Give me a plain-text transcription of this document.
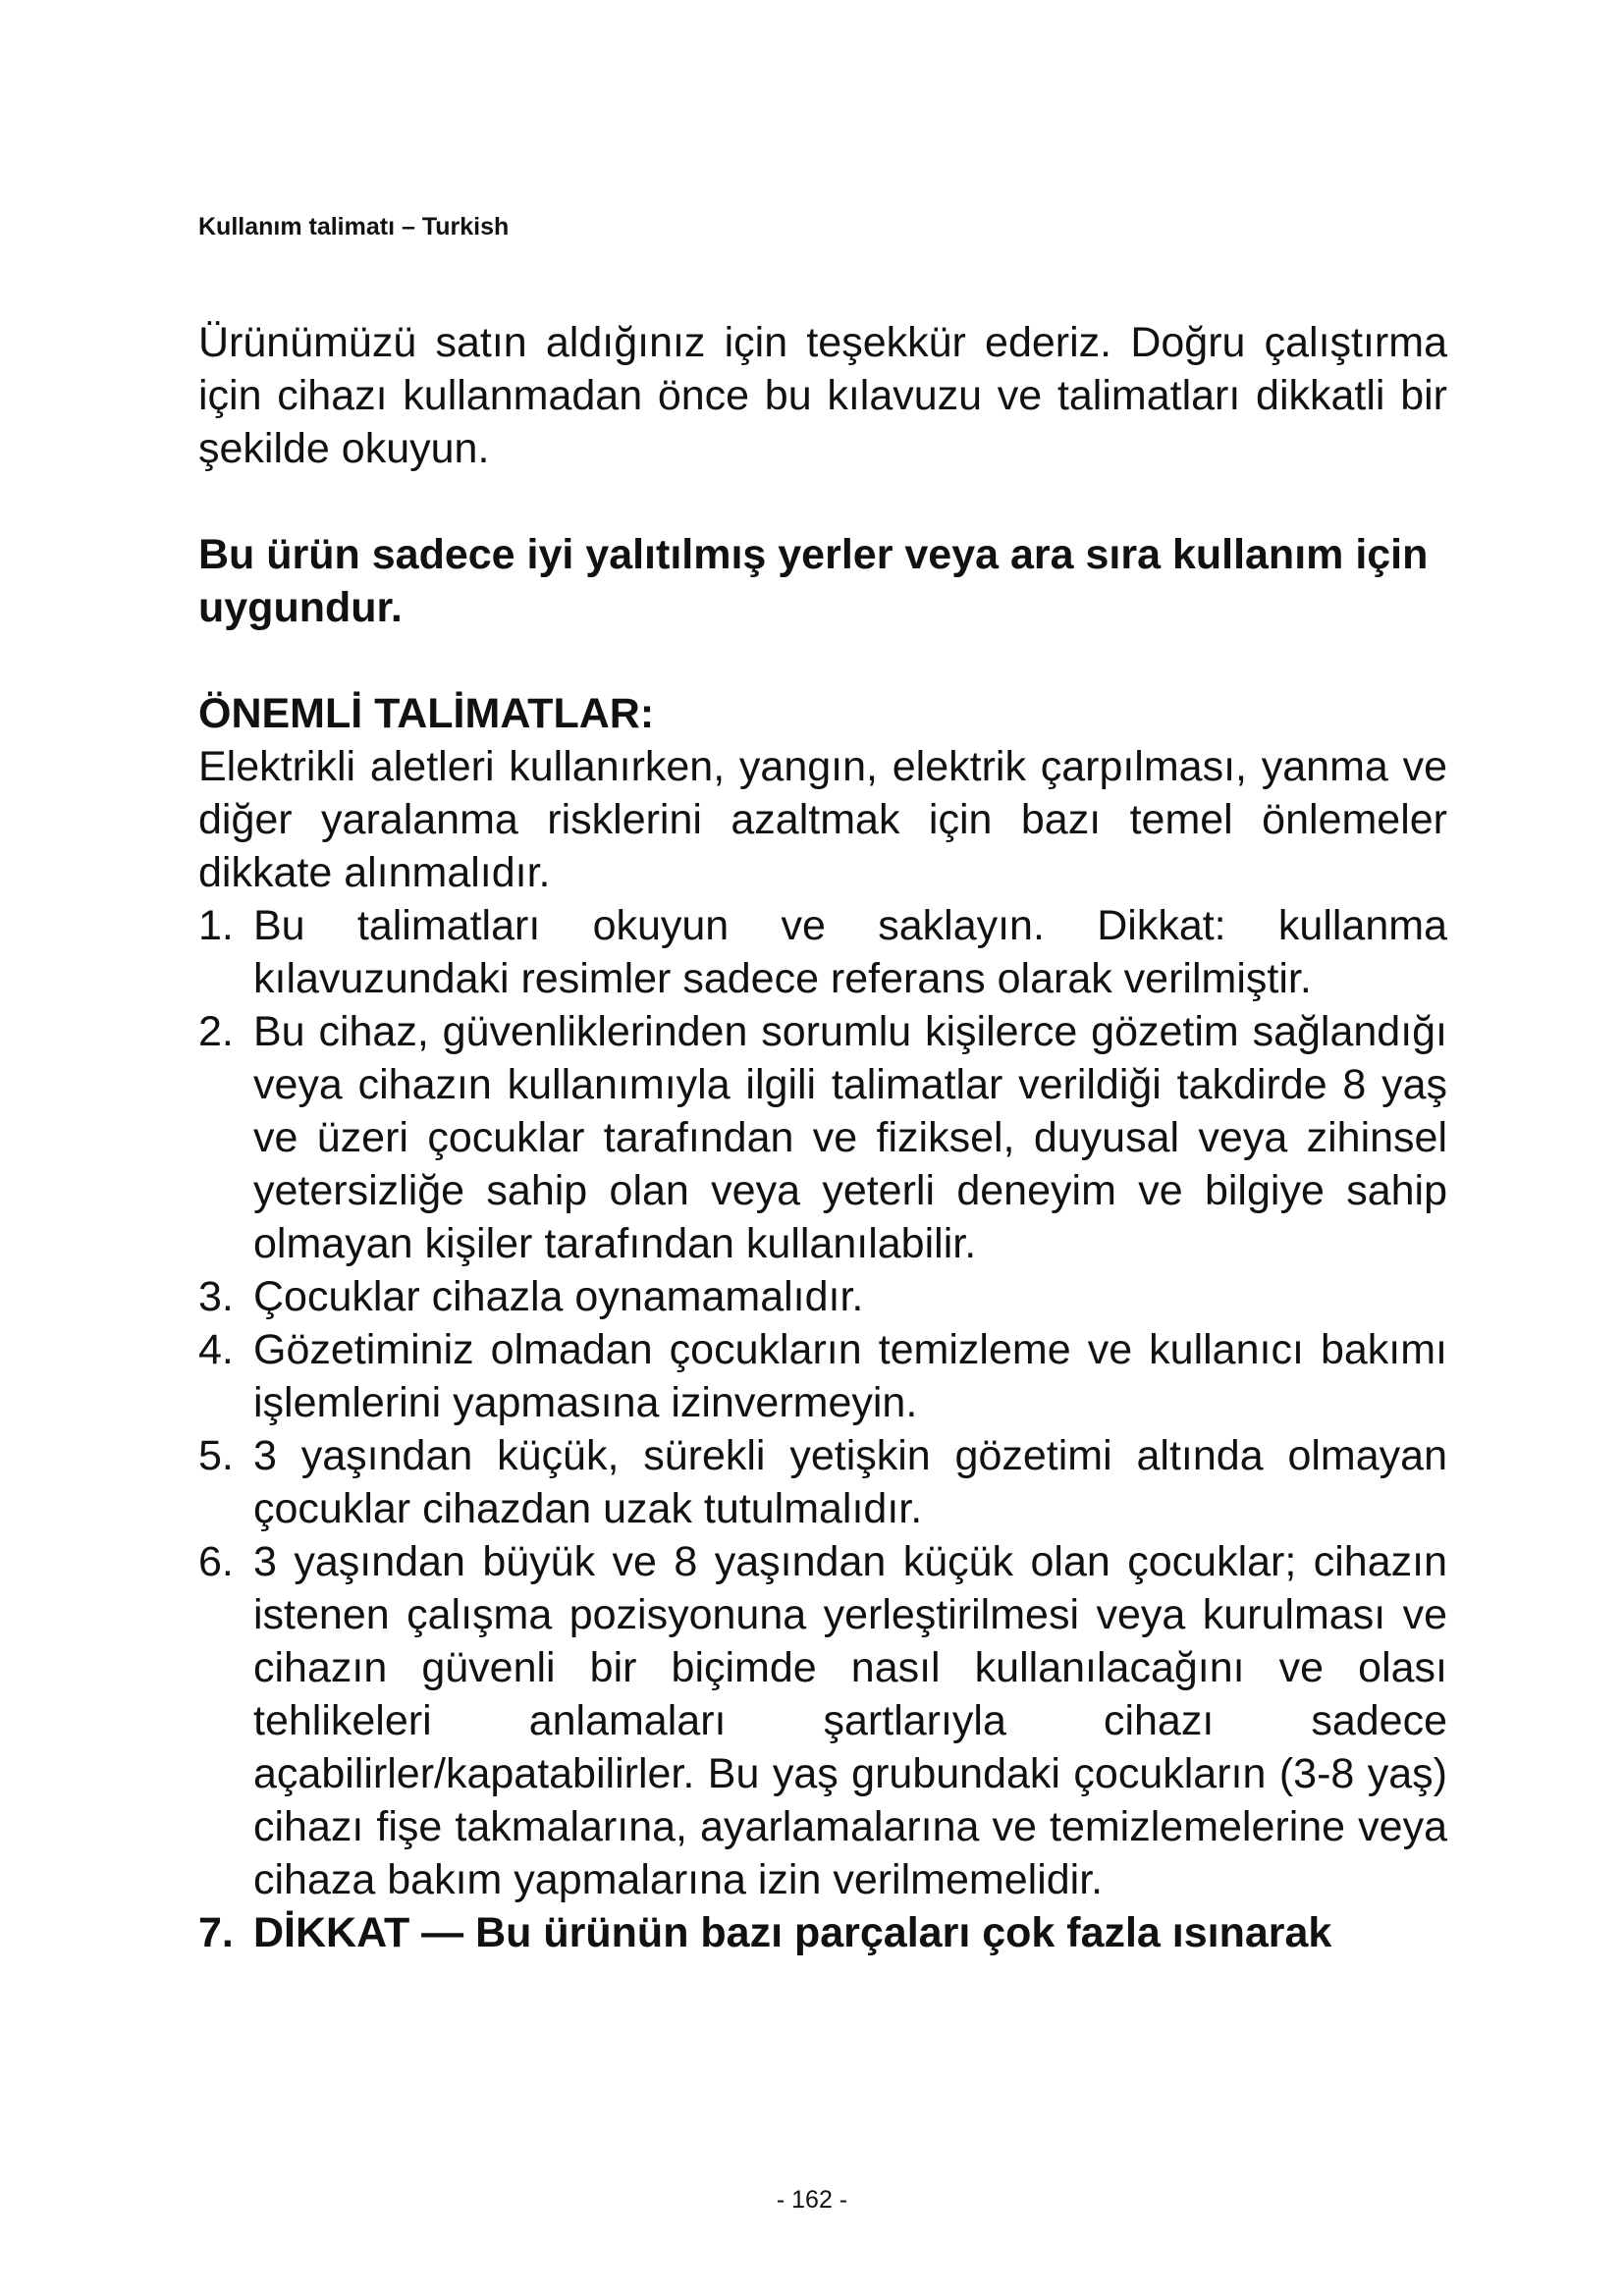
Kullanım talimatı – Turkish

Ürünümüzü satın aldığınız için teşekkür ederiz. Doğru çalıştırma için cihazı kullanmadan önce bu kılavuzu ve talimatları dikkatli bir şekilde okuyun.

Bu ürün sadece iyi yalıtılmış yerler veya ara sıra kullanım için uygundur.

ÖNEMLİ TALİMATLAR:

Elektrikli aletleri kullanırken, yangın, elektrik çarpılması, yanma ve diğer yaralanma risklerini azaltmak için bazı temel önlemeler dikkate alınmalıdır.

1. Bu talimatları okuyun ve saklayın. Dikkat: kullanma kılavuzundaki resimler sadece referans olarak verilmiştir.
2. Bu cihaz, güvenliklerinden sorumlu kişilerce gözetim sağlandığı veya cihazın kullanımıyla ilgili talimatlar verildiği takdirde 8 yaş ve üzeri çocuklar tarafından ve fiziksel, duyusal veya zihinsel yetersizliğe sahip olan veya yeterli deneyim ve bilgiye sahip olmayan kişiler tarafından kullanılabilir.
3. Çocuklar cihazla oynamamalıdır.
4. Gözetiminiz olmadan çocukların temizleme ve kullanıcı bakımı işlemlerini yapmasına izinvermeyin.
5. 3 yaşından küçük, sürekli yetişkin gözetimi altında olmayan çocuklar cihazdan uzak tutulmalıdır.
6. 3 yaşından büyük ve 8 yaşından küçük olan çocuklar; cihazın istenen çalışma pozisyonuna yerleştirilmesi veya kurulması ve cihazın güvenli bir biçimde nasıl kullanılacağını ve olası tehlikeleri anlamaları şartlarıyla cihazı sadece açabilirler/kapatabilirler. Bu yaş grubundaki çocukların (3-8 yaş) cihazı fişe takmalarına, ayarlamalarına ve temizlemelerine veya cihaza bakım yapmalarına izin verilmemelidir.
7. DİKKAT — Bu ürünün bazı parçaları çok fazla ısınarak
- 162 -
